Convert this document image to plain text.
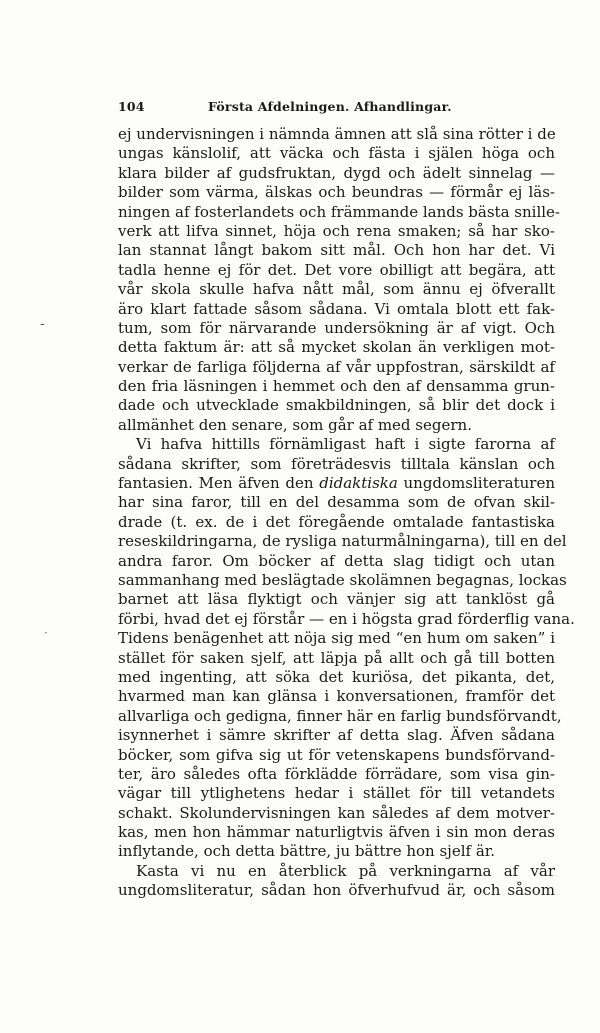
104	Första Afdelningen. Afhandlingar.
-
·
ej undervisningen i nämnda ämnen att slå sina rötter i de
ungas känslolif, att väcka och fästa i själen höga och
klara bilder af gudsfruktan, dygd och ädelt sinnelag —
bilder som värma, älskas och beundras — förmår ej läs-
ningen af fosterlandets och främmande lands bästa snille-
verk att lifva sinnet, höja och rena smaken; så har sko-
lan stannat långt bakom sitt mål. Och hon har det. Vi
tadla henne ej för det. Det vore obilligt att begära, att
vår skola skulle hafva nått mål, som ännu ej öfverallt
äro klart fattade såsom sådana. Vi omtala blott ett fak-
tum, som för närvarande undersökning är af vigt. Och
detta faktum är: att så mycket skolan än verkligen mot-
verkar de farliga följderna af vår uppfostran, särskildt af
den fria läsningen i hemmet och den af densamma grun-
dade och utvecklade smakbildningen, så blir det dock i
allmänhet den senare, som går af med segern.
Vi hafva hittills förnämligast haft i sigte farorna af
sådana skrifter, som företrädesvis tilltala känslan och
fantasien. Men äfven den didaktiska ungdomsliteraturen
har sina faror, till en del desamma som de ofvan skil-
drade (t. ex. de i det föregående omtalade fantastiska
reseskildringarna, de rysliga naturmålningarna), till en del
andra faror. Om böcker af detta slag tidigt och utan
sammanhang med beslägtade skolämnen begagnas, lockas
barnet att läsa flyktigt och vänjer sig att tanklöst gå
förbi, hvad det ej förstår — en i högsta grad förderflig vana.
Tidens benägenhet att nöja sig med “en hum om saken” i
stället för saken sjelf, att läpja på allt och gå till botten
med ingenting, att söka det kuriösa, det pikanta, det,
hvarmed man kan glänsa i konversationen, framför det
allvarliga och gedigna, finner här en farlig bundsförvandt,
isynnerhet i sämre skrifter af detta slag. Äfven sådana
böcker, som gifva sig ut för vetenskapens bundsförvand-
ter, äro således ofta förklädde förrädare, som visa gin-
vägar till ytlighetens hedar i stället för till vetandets
schakt. Skolundervisningen kan således af dem motver-
kas, men hon hämmar naturligtvis äfven i sin mon deras
inflytande, och detta bättre, ju bättre hon sjelf är.
Kasta vi nu en återblick på verkningarna af vår
ungdomsliteratur, sådan hon öfverhufvud är, och såsom
